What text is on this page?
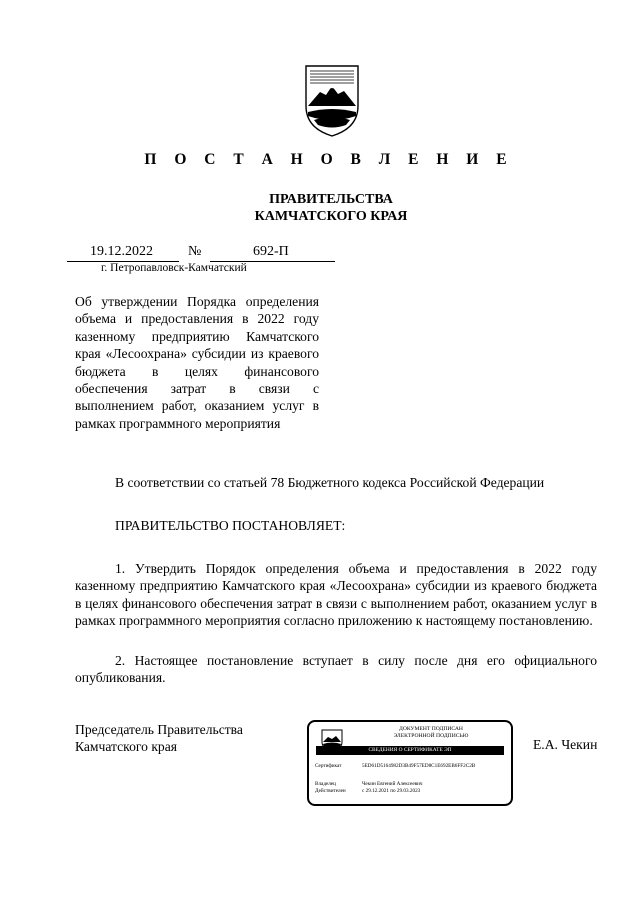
П О С Т А Н О В Л Е Н И Е
ПРАВИТЕЛЬСТВА
КАМЧАТСКОГО КРАЯ
19.12.2022	№	692-П
г. Петропавловск-Камчатский
Об утверждении Порядка определения объема и предоставления в 2022 году казенному предприятию Камчатского края «Лесоохрана» субсидии из краевого бюджета в целях финансового обеспечения затрат в связи с выполнением работ, оказанием услуг в рамках программного мероприятия
В соответствии со статьей 78 Бюджетного кодекса Российской Федерации
ПРАВИТЕЛЬСТВО ПОСТАНОВЛЯЕТ:
1. Утвердить Порядок определения объема и предоставления в 2022 году казенному предприятию Камчатского края «Лесоохрана» субсидии из краевого бюджета в целях финансового обеспечения затрат в связи с выполнением работ, оказанием услуг в рамках программного мероприятия согласно приложению к настоящему постановлению.
2. Настоящее постановление вступает в силу после дня его официального опубликования.
Председатель Правительства
Камчатского края
ДОКУМЕНТ ПОДПИСАН
ЭЛЕКТРОННОЙ ПОДПИСЬЮ
СВЕДЕНИЯ О СЕРТИФИКАТЕ ЭП
Сертификат	5ED61D5164982D3B49F57ED8C1E692EB6FF2C2B
Владелец	Чекин Евгений Алексеевич
Действителен	с 29.12.2021 по 29.03.2023
Е.А. Чекин
